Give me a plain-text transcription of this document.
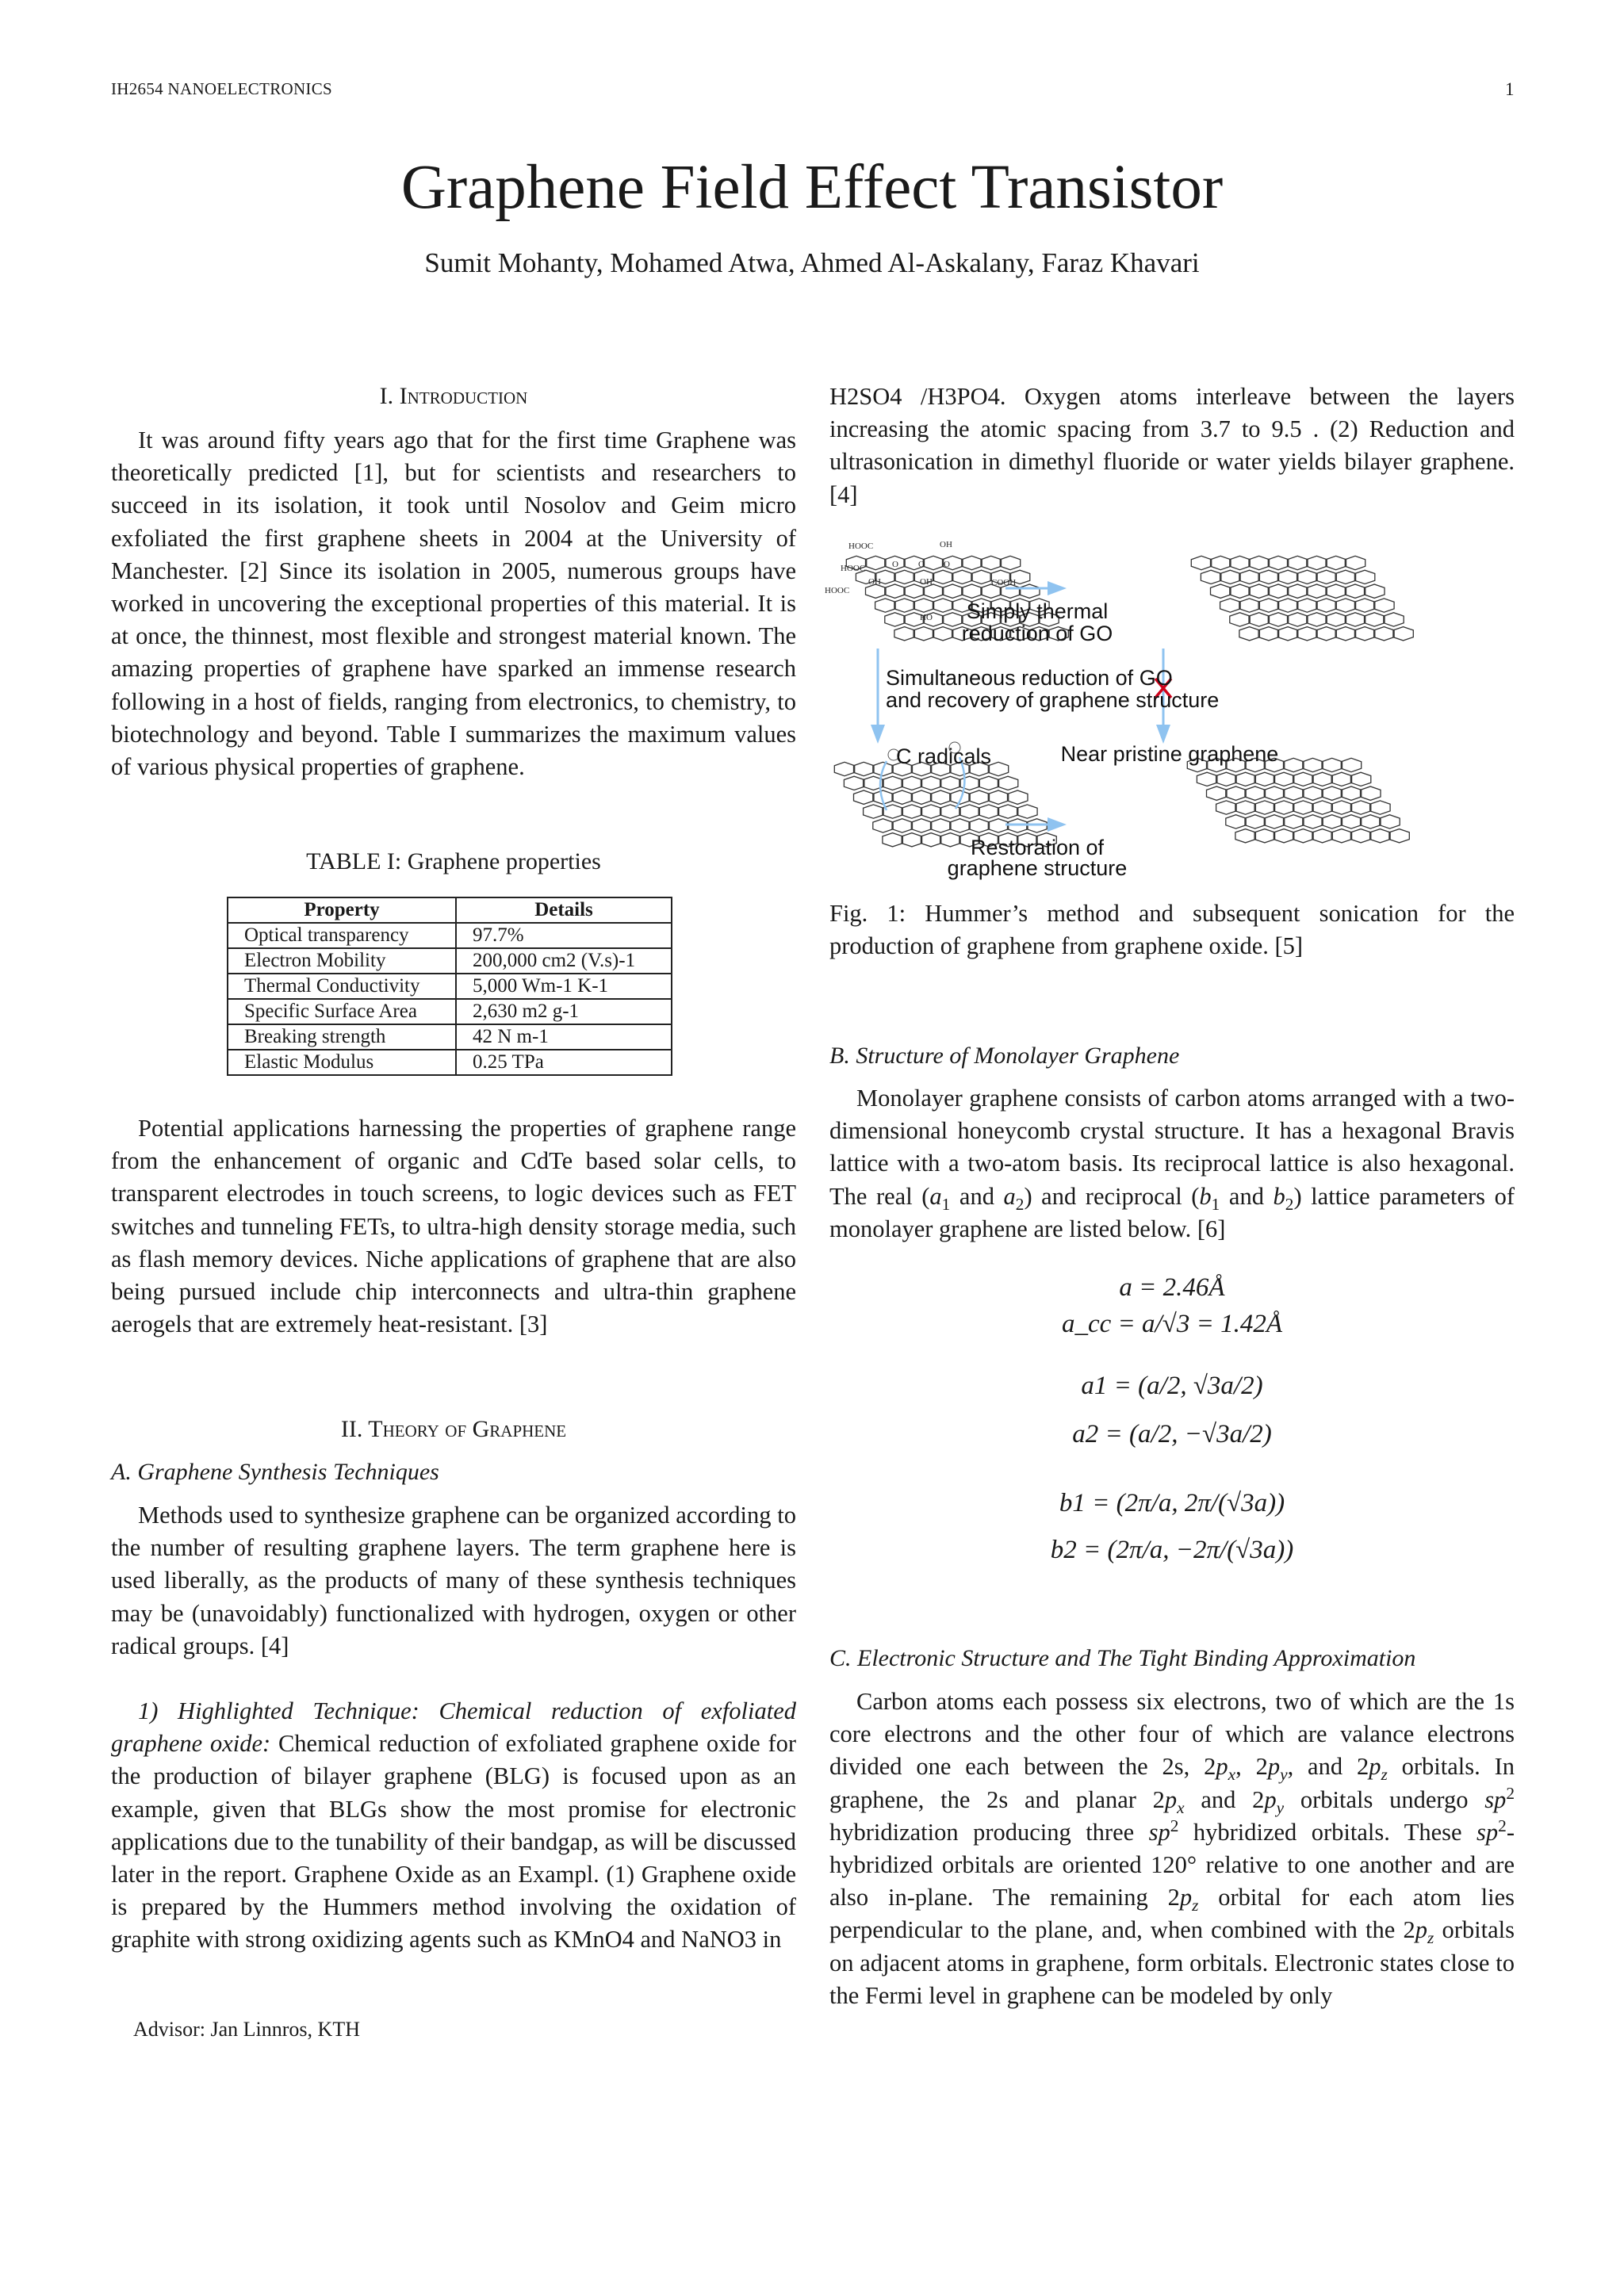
IH2654 NANOELECTRONICS	1
Graphene Field Effect Transistor
Sumit Mohanty, Mohamed Atwa, Ahmed Al-Askalany, Faraz Khavari
I. Introduction
It was around fifty years ago that for the first time Graphene was theoretically predicted [1], but for scientists and researchers to succeed in its isolation, it took until Nosolov and Geim micro exfoliated the first graphene sheets in 2004 at the University of Manchester. [2] Since its isolation in 2005, numerous groups have worked in uncovering the exceptional properties of this material. It is at once, the thinnest, most flexible and strongest material known. The amazing properties of graphene have sparked an immense research following in a host of fields, ranging from electronics, to chemistry, to biotechnology and beyond. Table I summarizes the maximum values of various physical properties of graphene.
TABLE I: Graphene properties
Property	Details
Optical transparency	97.7%
Electron Mobility	200,000 cm2 (V.s)-1
Thermal Conductivity	5,000 Wm-1 K-1
Specific Surface Area	2,630 m2 g-1
Breaking strength	42 N m-1
Elastic Modulus	0.25 TPa
Potential applications harnessing the properties of graphene range from the enhancement of organic and CdTe based solar cells, to transparent electrodes in touch screens, to logic devices such as FET switches and tunneling FETs, to ultra-high density storage media, such as flash memory devices. Niche applications of graphene that are also being pursued include chip interconnects and ultra-thin graphene aerogels that are extremely heat-resistant. [3]
II. Theory of Graphene
A. Graphene Synthesis Techniques
Methods used to synthesize graphene can be organized according to the number of resulting graphene layers. The term graphene here is used liberally, as the products of many of these synthesis techniques may be (unavoidably) functionalized with hydrogen, oxygen or other radical groups. [4]
1) Highlighted Technique: Chemical reduction of exfoliated graphene oxide: Chemical reduction of exfoliated graphene oxide for the production of bilayer graphene (BLG) is focused upon as an example, given that BLGs show the most promise for electronic applications due to the tunability of their bandgap, as will be discussed later in the report. Graphene Oxide as an Exampl. (1) Graphene oxide is prepared by the Hummers method involving the oxidation of graphite with strong oxidizing agents such as KMnO4 and NaNO3 in
Advisor: Jan Linnros, KTH
H2SO4 /H3PO4. Oxygen atoms interleave between the layers increasing the atomic spacing from 3.7 to 9.5 . (2) Reduction and ultrasonication in dimethyl fluoride or water yields bilayer graphene. [4]
Simply thermal
reduction of GO
Simultaneous reduction of GO
and recovery of graphene structure
C radicals	Near pristine graphene
Restoration of
graphene structure
HOOC
HOOC
HOOC
OH
OH	OH	COOH
HO
O O O
Fig. 1: Hummer’s method and subsequent sonication for the production of graphene from graphene oxide. [5]
B. Structure of Monolayer Graphene
Monolayer graphene consists of carbon atoms arranged with a two-dimensional honeycomb crystal structure. It has a hexagonal Bravis lattice with a two-atom basis. Its reciprocal lattice is also hexagonal. The real ($a_1$ and $a_2$) and reciprocal ($b_1$ and $b_2$) lattice parameters of monolayer graphene are listed below. [6]
a = 2.46Å
a_cc = a/√3 = 1.42Å
a1 = (a/2, √3a/2)
a2 = (a/2, −√3a/2)
b1 = (2π/a, 2π/(√3a))
b2 = (2π/a, −2π/(√3a))
C. Electronic Structure and The Tight Binding Approximation
Carbon atoms each possess six electrons, two of which are the 1s core electrons and the other four of which are valance electrons divided one each between the 2s, $2p_x$, $2p_y$, and $2p_z$ orbitals. In graphene, the 2s and planar $2p_x$ and $2p_y$ orbitals undergo $sp^2$ hybridization producing three $sp^2$ hybridized orbitals. These $sp^2$-hybridized orbitals are oriented 120° relative to one another and are also in-plane. The remaining $2p_z$ orbital for each atom lies perpendicular to the plane, and, when combined with the $2p_z$ orbitals on adjacent atoms in graphene, form orbitals. Electronic states close to the Fermi level in graphene can be modeled by only
